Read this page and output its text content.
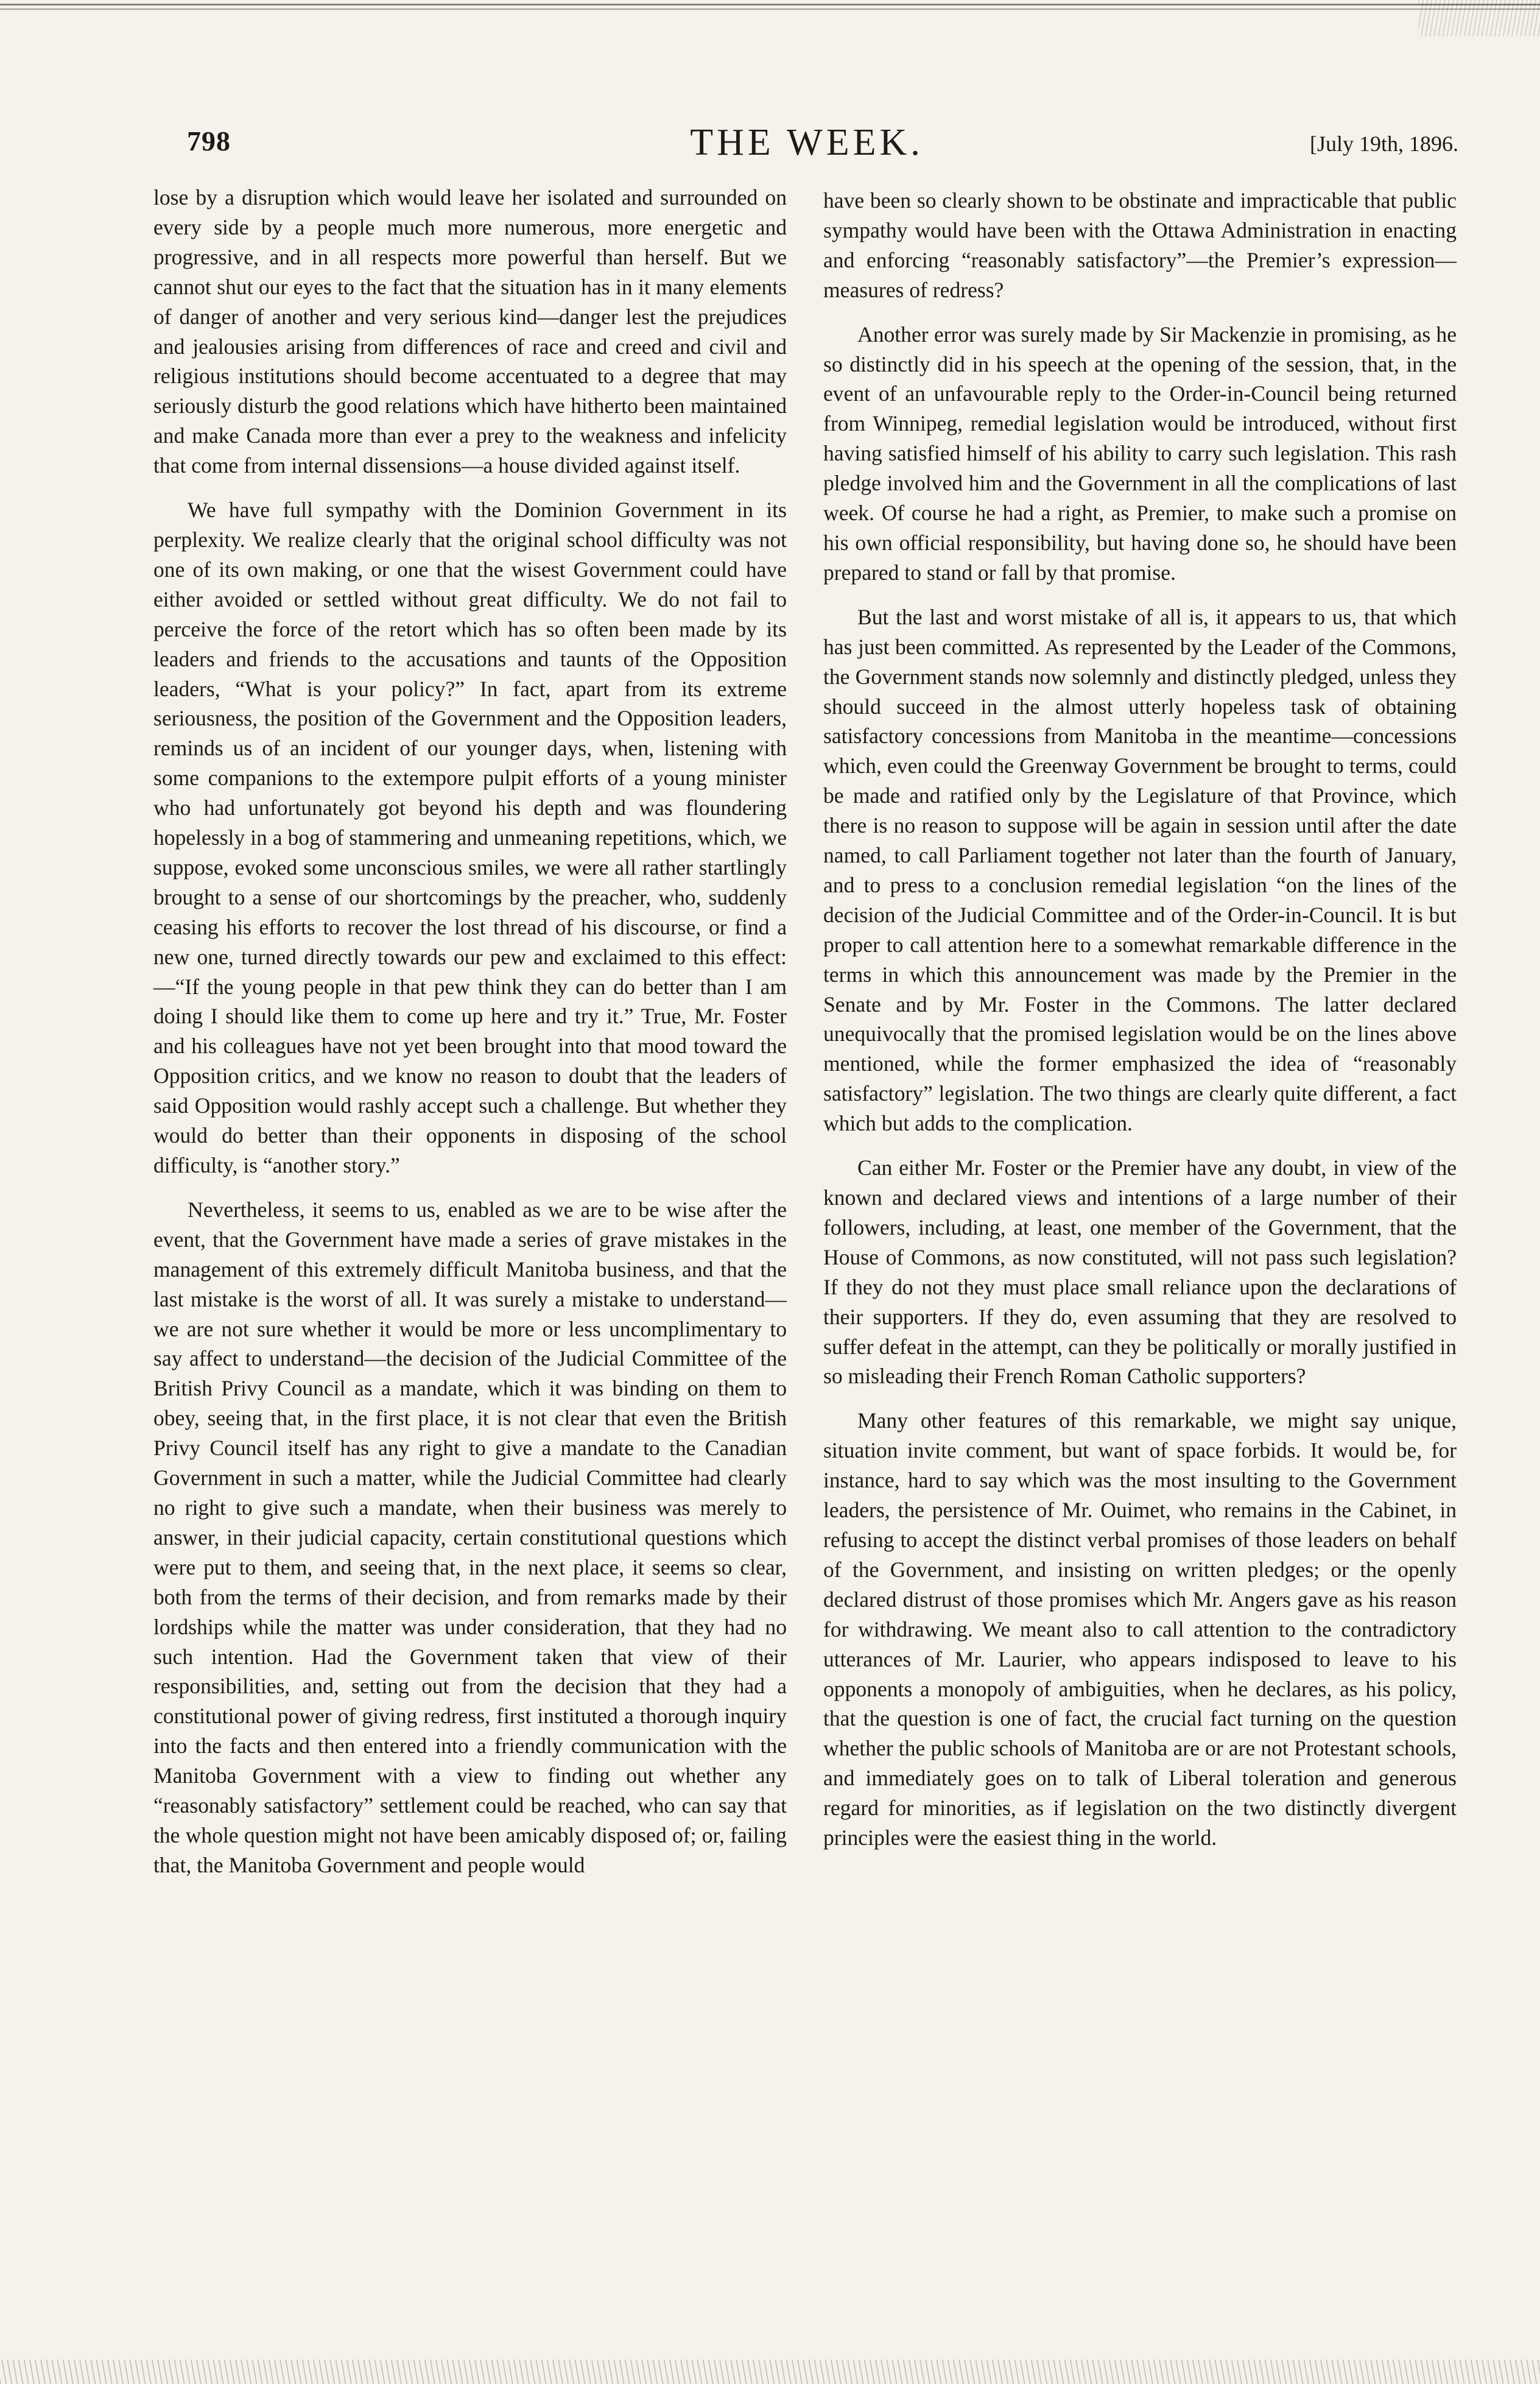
798	THE WEEK.	[July 19th, 1896.

lose by a disruption which would leave her isolated and surrounded on every side by a people much more numerous, more energetic and progressive, and in all respects more powerful than herself. But we cannot shut our eyes to the fact that the situation has in it many elements of danger of another and very serious kind—danger lest the prejudices and jealousies arising from differences of race and creed and civil and religious institutions should become accentuated to a degree that may seriously disturb the good relations which have hitherto been maintained and make Canada more than ever a prey to the weakness and infelicity that come from internal dissensions—a house divided against itself.

We have full sympathy with the Dominion Government in its perplexity. We realize clearly that the original school difficulty was not one of its own making, or one that the wisest Government could have either avoided or settled without great difficulty. We do not fail to perceive the force of the retort which has so often been made by its leaders and friends to the accusations and taunts of the Opposition leaders, “What is your policy?” In fact, apart from its extreme seriousness, the position of the Government and the Opposition leaders, reminds us of an incident of our younger days, when, listening with some companions to the extempore pulpit efforts of a young minister who had unfortunately got beyond his depth and was floundering hopelessly in a bog of stammering and unmeaning repetitions, which, we suppose, evoked some unconscious smiles, we were all rather startlingly brought to a sense of our shortcomings by the preacher, who, suddenly ceasing his efforts to recover the lost thread of his discourse, or find a new one, turned directly towards our pew and exclaimed to this effect:—“If the young people in that pew think they can do better than I am doing I should like them to come up here and try it.” True, Mr. Foster and his colleagues have not yet been brought into that mood toward the Opposition critics, and we know no reason to doubt that the leaders of said Opposition would rashly accept such a challenge. But whether they would do better than their opponents in disposing of the school difficulty, is “another story.”

Nevertheless, it seems to us, enabled as we are to be wise after the event, that the Government have made a series of grave mistakes in the management of this extremely difficult Manitoba business, and that the last mistake is the worst of all. It was surely a mistake to understand—we are not sure whether it would be more or less uncomplimentary to say affect to understand—the decision of the Judicial Committee of the British Privy Council as a mandate, which it was binding on them to obey, seeing that, in the first place, it is not clear that even the British Privy Council itself has any right to give a mandate to the Canadian Government in such a matter, while the Judicial Committee had clearly no right to give such a mandate, when their business was merely to answer, in their judicial capacity, certain constitutional questions which were put to them, and seeing that, in the next place, it seems so clear, both from the terms of their decision, and from remarks made by their lordships while the matter was under consideration, that they had no such intention. Had the Government taken that view of their responsibilities, and, setting out from the decision that they had a constitutional power of giving redress, first instituted a thorough inquiry into the facts and then entered into a friendly communication with the Manitoba Government with a view to finding out whether any “reasonably satisfactory” settlement could be reached, who can say that the whole question might not have been amicably disposed of; or, failing that, the Manitoba Government and people would

have been so clearly shown to be obstinate and impracticable that public sympathy would have been with the Ottawa Administration in enacting and enforcing “reasonably satisfactory”—the Premier’s expression—measures of redress?

Another error was surely made by Sir Mackenzie in promising, as he so distinctly did in his speech at the opening of the session, that, in the event of an unfavourable reply to the Order-in-Council being returned from Winnipeg, remedial legislation would be introduced, without first having satisfied himself of his ability to carry such legislation. This rash pledge involved him and the Government in all the complications of last week. Of course he had a right, as Premier, to make such a promise on his own official responsibility, but having done so, he should have been prepared to stand or fall by that promise.

But the last and worst mistake of all is, it appears to us, that which has just been committed. As represented by the Leader of the Commons, the Government stands now solemnly and distinctly pledged, unless they should succeed in the almost utterly hopeless task of obtaining satisfactory concessions from Manitoba in the meantime—concessions which, even could the Greenway Government be brought to terms, could be made and ratified only by the Legislature of that Province, which there is no reason to suppose will be again in session until after the date named, to call Parliament together not later than the fourth of January, and to press to a conclusion remedial legislation “on the lines of the decision of the Judicial Committee and of the Order-in-Council. It is but proper to call attention here to a somewhat remarkable difference in the terms in which this announcement was made by the Premier in the Senate and by Mr. Foster in the Commons. The latter declared unequivocally that the promised legislation would be on the lines above mentioned, while the former emphasized the idea of “reasonably satisfactory” legislation. The two things are clearly quite different, a fact which but adds to the complication.

Can either Mr. Foster or the Premier have any doubt, in view of the known and declared views and intentions of a large number of their followers, including, at least, one member of the Government, that the House of Commons, as now constituted, will not pass such legislation? If they do not they must place small reliance upon the declarations of their supporters. If they do, even assuming that they are resolved to suffer defeat in the attempt, can they be politically or morally justified in so misleading their French Roman Catholic supporters?

Many other features of this remarkable, we might say unique, situation invite comment, but want of space forbids. It would be, for instance, hard to say which was the most insulting to the Government leaders, the persistence of Mr. Ouimet, who remains in the Cabinet, in refusing to accept the distinct verbal promises of those leaders on behalf of the Government, and insisting on written pledges; or the openly declared distrust of those promises which Mr. Angers gave as his reason for withdrawing. We meant also to call attention to the contradictory utterances of Mr. Laurier, who appears indisposed to leave to his opponents a monopoly of ambiguities, when he declares, as his policy, that the question is one of fact, the crucial fact turning on the question whether the public schools of Manitoba are or are not Protestant schools, and immediately goes on to talk of Liberal toleration and generous regard for minorities, as if legislation on the two distinctly divergent principles were the easiest thing in the world.
